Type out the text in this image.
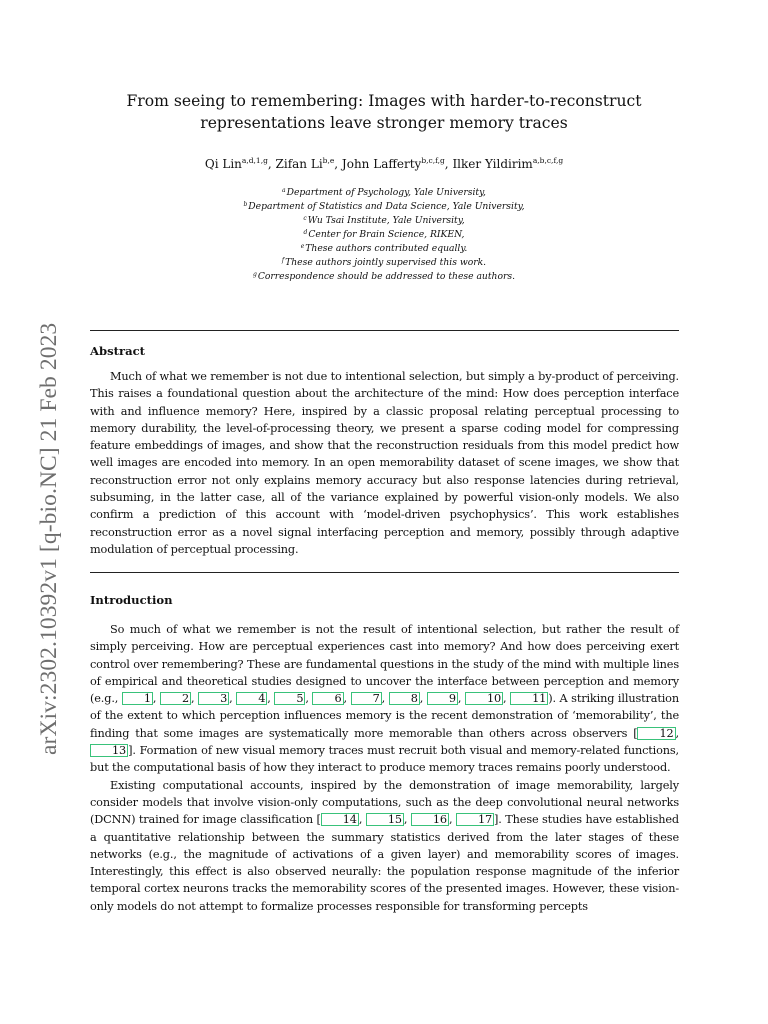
arXiv:2302.10392v1 [q-bio.NC] 21 Feb 2023
From seeing to remembering: Images with harder-to-reconstruct
representations leave stronger memory traces
Qi Lin$^{a,d,1,g}$, Zifan Li$^{b,e}$, John Lafferty$^{b,c,f,g}$, Ilker Yildirim$^{a,b,c,f,g}$
$^a$Department of Psychology, Yale University,
$^b$Department of Statistics and Data Science, Yale University,
$^c$Wu Tsai Institute, Yale University,
$^d$Center for Brain Science, RIKEN,
$^e$These authors contributed equally.
$^f$These authors jointly supervised this work.
$^g$Correspondence should be addressed to these authors.
Abstract

Much of what we remember is not due to intentional selection, but simply a by-product of perceiving. This raises a foundational question about the architecture of the mind: How does perception interface with and influence memory? Here, inspired by a classic proposal relating perceptual processing to memory durability, the level-of-processing theory, we present a sparse coding model for compressing feature embeddings of images, and show that the reconstruction residuals from this model predict how well images are encoded into memory. In an open memorability dataset of scene images, we show that reconstruction error not only explains memory accuracy but also response latencies during retrieval, subsuming, in the latter case, all of the variance explained by powerful vision-only models. We also confirm a prediction of this account with ‘model-driven psychophysics’. This work establishes reconstruction error as a novel signal interfacing perception and memory, possibly through adaptive modulation of perceptual processing.

Introduction

So much of what we remember is not the result of intentional selection, but rather the result of simply perceiving. How are perceptual experiences cast into memory? And how does perceiving exert control over remembering? These are fundamental questions in the study of the mind with multiple lines of empirical and theoretical studies designed to uncover the interface between perception and memory (e.g., 1 , 2 , 3 , 4 , 5 , 6 , 7 , 8 , 9 , 10 , 11 ). A striking illustration of the extent to which perception influences memory is the recent demonstration of ‘memorability’, the finding that some images are systematically more memorable than others across observers [ 12 , 13 ]. Formation of new visual memory traces must recruit both visual and memory-related functions, but the computational basis of how they interact to produce memory traces remains poorly understood.

Existing computational accounts, inspired by the demonstration of image memorability, largely consider models that involve vision-only computations, such as the deep convolutional neural networks (DCNN) trained for image classification [ 14 , 15 , 16 , 17 ]. These studies have established a quantitative relationship between the summary statistics derived from the later stages of these networks (e.g., the magnitude of activations of a given layer) and memorability scores of images. Interestingly, this effect is also observed neurally: the population response magnitude of the inferior temporal cortex neurons tracks the memorability scores of the presented images. However, these vision-only models do not attempt to formalize processes responsible for transforming percepts
